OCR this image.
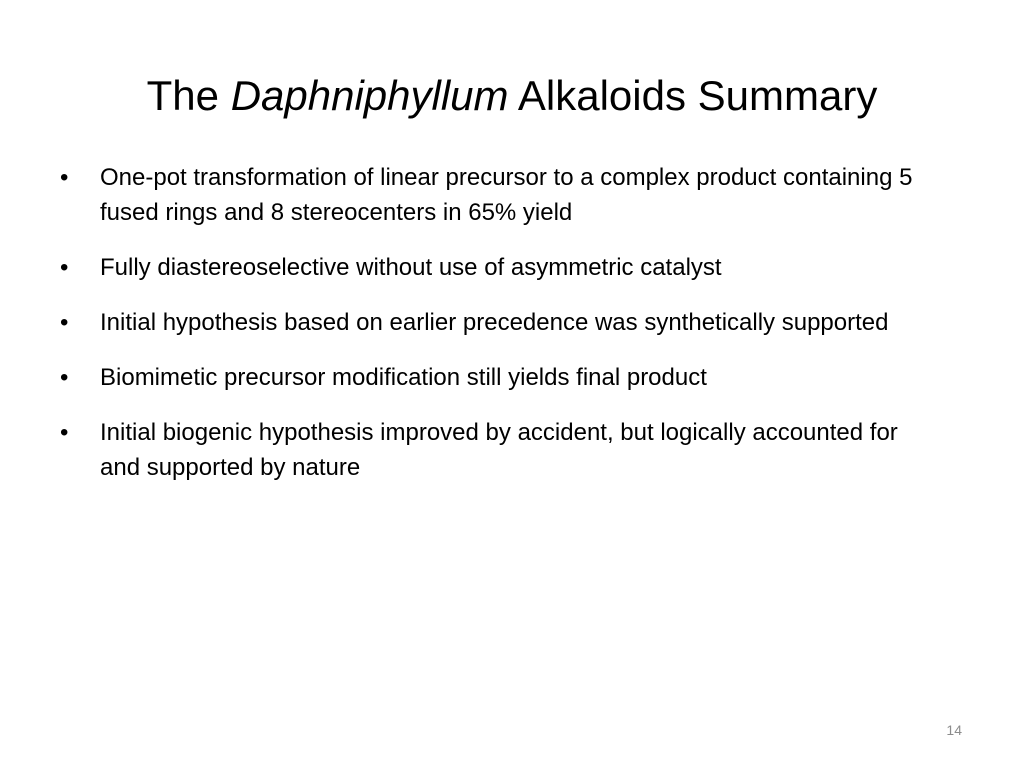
The Daphniphyllum Alkaloids Summary
•	One-pot transformation of linear precursor to a complex product containing 5 fused rings and 8 stereocenters in 65% yield
•	Fully diastereoselective without use of asymmetric catalyst
•	Initial hypothesis based on earlier precedence was synthetically supported
•	Biomimetic precursor modification still yields final product
•	Initial biogenic hypothesis improved by accident, but logically accounted for and supported by nature
14
